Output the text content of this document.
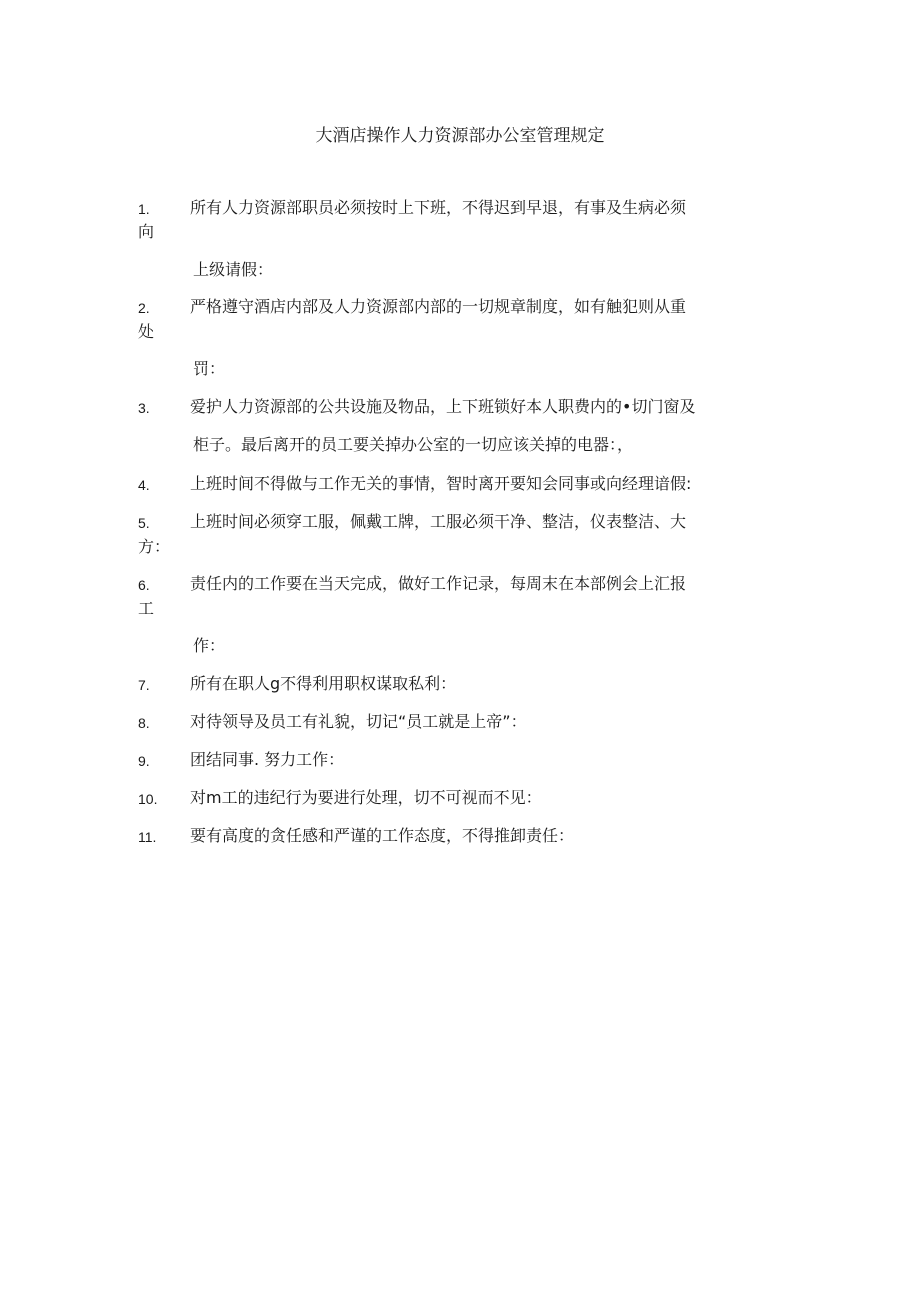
大酒店操作人力资源部办公室管理规定
1.	所有人力资源部职员必须按时上下班，不得迟到早退，有事及生病必须
向
上级请假：
2.	严格遵守酒店内部及人力资源部内部的一切规章制度，如有触犯则从重
处
罚：
3.	爱护人力资源部的公共设施及物品，上下班锁好本人职费内的•切门窗及
柜子。最后离开的员工要关掉办公室的一切应该关掉的电器：，
4.	上班时间不得做与工作无关的事情，智时离开要知会同事或向经理谙假:
5.	上班时间必须穿工服，佩戴工牌，工服必须干净、整洁，仪表整洁、大
方：
6.	责任内的工作要在当天完成，做好工作记录，每周末在本部例会上汇报
工
作：
7.	所有在职人g不得利用职权谋取私利：
8.	对待领导及员工有礼貌，切记“员工就是上帝”：
9.	团结同事. 努力工作：
10. 对m工的违纪行为要进行处理，切不可视而不见：
11. 要有高度的贪任感和严谨的工作态度，不得推卸责任：
